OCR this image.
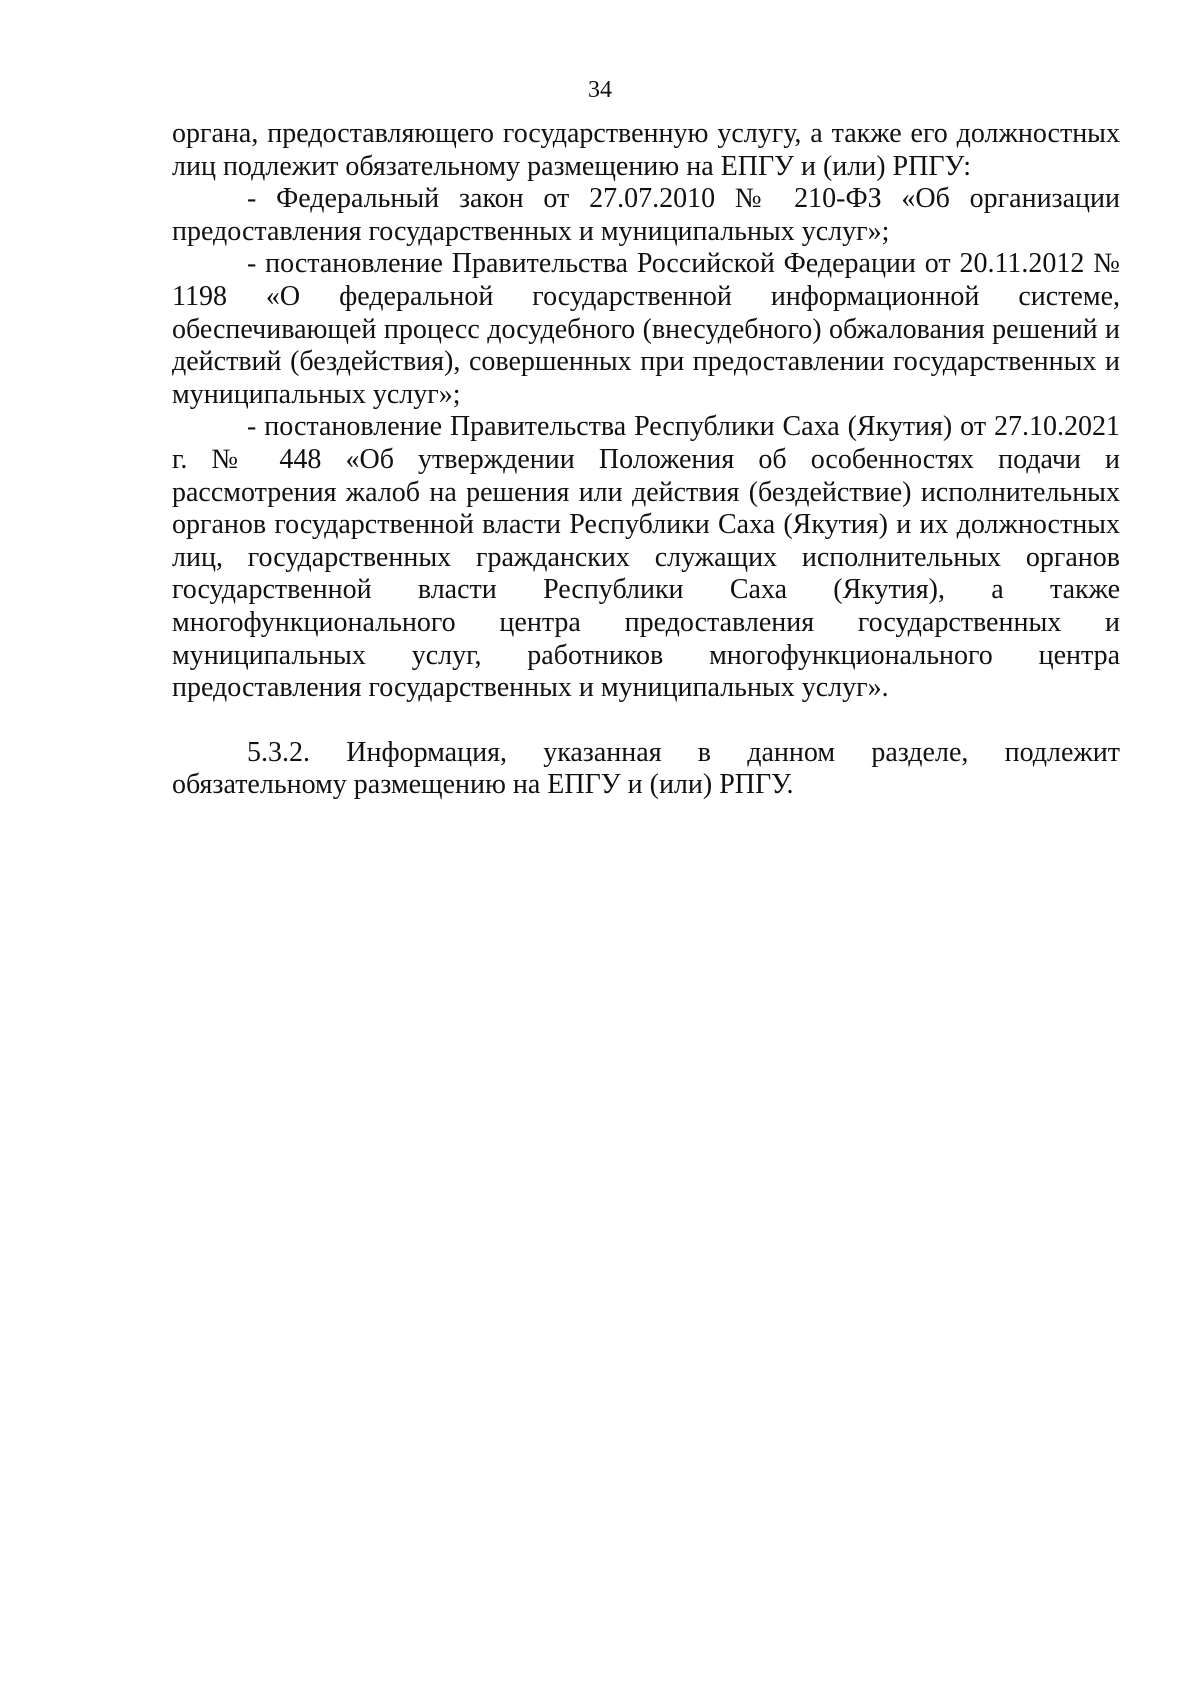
34

органа, предоставляющего государственную услугу, а также его должностных лиц подлежит обязательному размещению на ЕПГУ и (или) РПГУ:

- Федеральный закон от 27.07.2010 № 210-ФЗ «Об организации предоставления государственных и муниципальных услуг»;

- постановление Правительства Российской Федерации от 20.11.2012 № 1198 «О федеральной государственной информационной системе, обеспечивающей процесс досудебного (внесудебного) обжалования решений и действий (бездействия), совершенных при предоставлении государственных и муниципальных услуг»;

- постановление Правительства Республики Саха (Якутия) от 27.10.2021 г. № 448 «Об утверждении Положения об особенностях подачи и рассмотрения жалоб на решения или действия (бездействие) исполнительных органов государственной власти Республики Саха (Якутия) и их должностных лиц, государственных гражданских служащих исполнительных органов государственной власти Республики Саха (Якутия), а также многофункционального центра предоставления государственных и муниципальных услуг, работников многофункционального центра предоставления государственных и муниципальных услуг».

5.3.2. Информация, указанная в данном разделе, подлежит обязательному размещению на ЕПГУ и (или) РПГУ.
